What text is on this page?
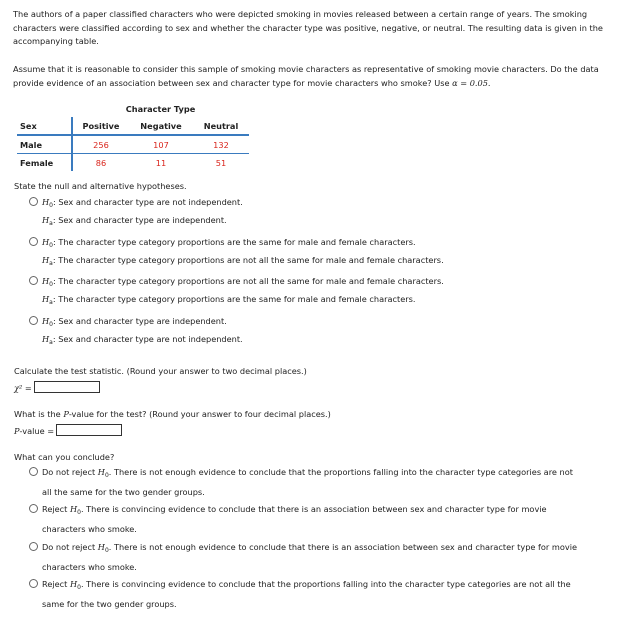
The authors of a paper classified characters who were depicted smoking in movies released between a certain range of years. The smoking characters were classified according to sex and whether the character type was positive, negative, or neutral. The resulting data is given in the accompanying table.
Assume that it is reasonable to consider this sample of smoking movie characters as representative of smoking movie characters. Do the data provide evidence of an association between sex and character type for movie characters who smoke? Use α = 0.05.
	Character Type		
Sex	Positive	Negative	Neutral
Male	256	107	132
Female	86	11	51
State the null and alternative hypotheses.
$H_0$: Sex and character type are not independent.
$H_a$: Sex and character type are independent.
$H_0$: The character type category proportions are the same for male and female characters.
$H_a$: The character type category proportions are not all the same for male and female characters.
$H_0$: The character type category proportions are not all the same for male and female characters.
$H_a$: The character type category proportions are the same for male and female characters.
$H_0$: Sex and character type are independent.
$H_a$: Sex and character type are not independent.
Calculate the test statistic. (Round your answer to two decimal places.)
χ² =
What is the P-value for the test? (Round your answer to four decimal places.)
P-value =
What can you conclude?
Do not reject $H_0$. There is not enough evidence to conclude that the proportions falling into the character type categories are not
all the same for the two gender groups.
Reject $H_0$. There is convincing evidence to conclude that there is an association between sex and character type for movie
characters who smoke.
Do not reject $H_0$. There is not enough evidence to conclude that there is an association between sex and character type for movie
characters who smoke.
Reject $H_0$. There is convincing evidence to conclude that the proportions falling into the character type categories are not all the
same for the two gender groups.
